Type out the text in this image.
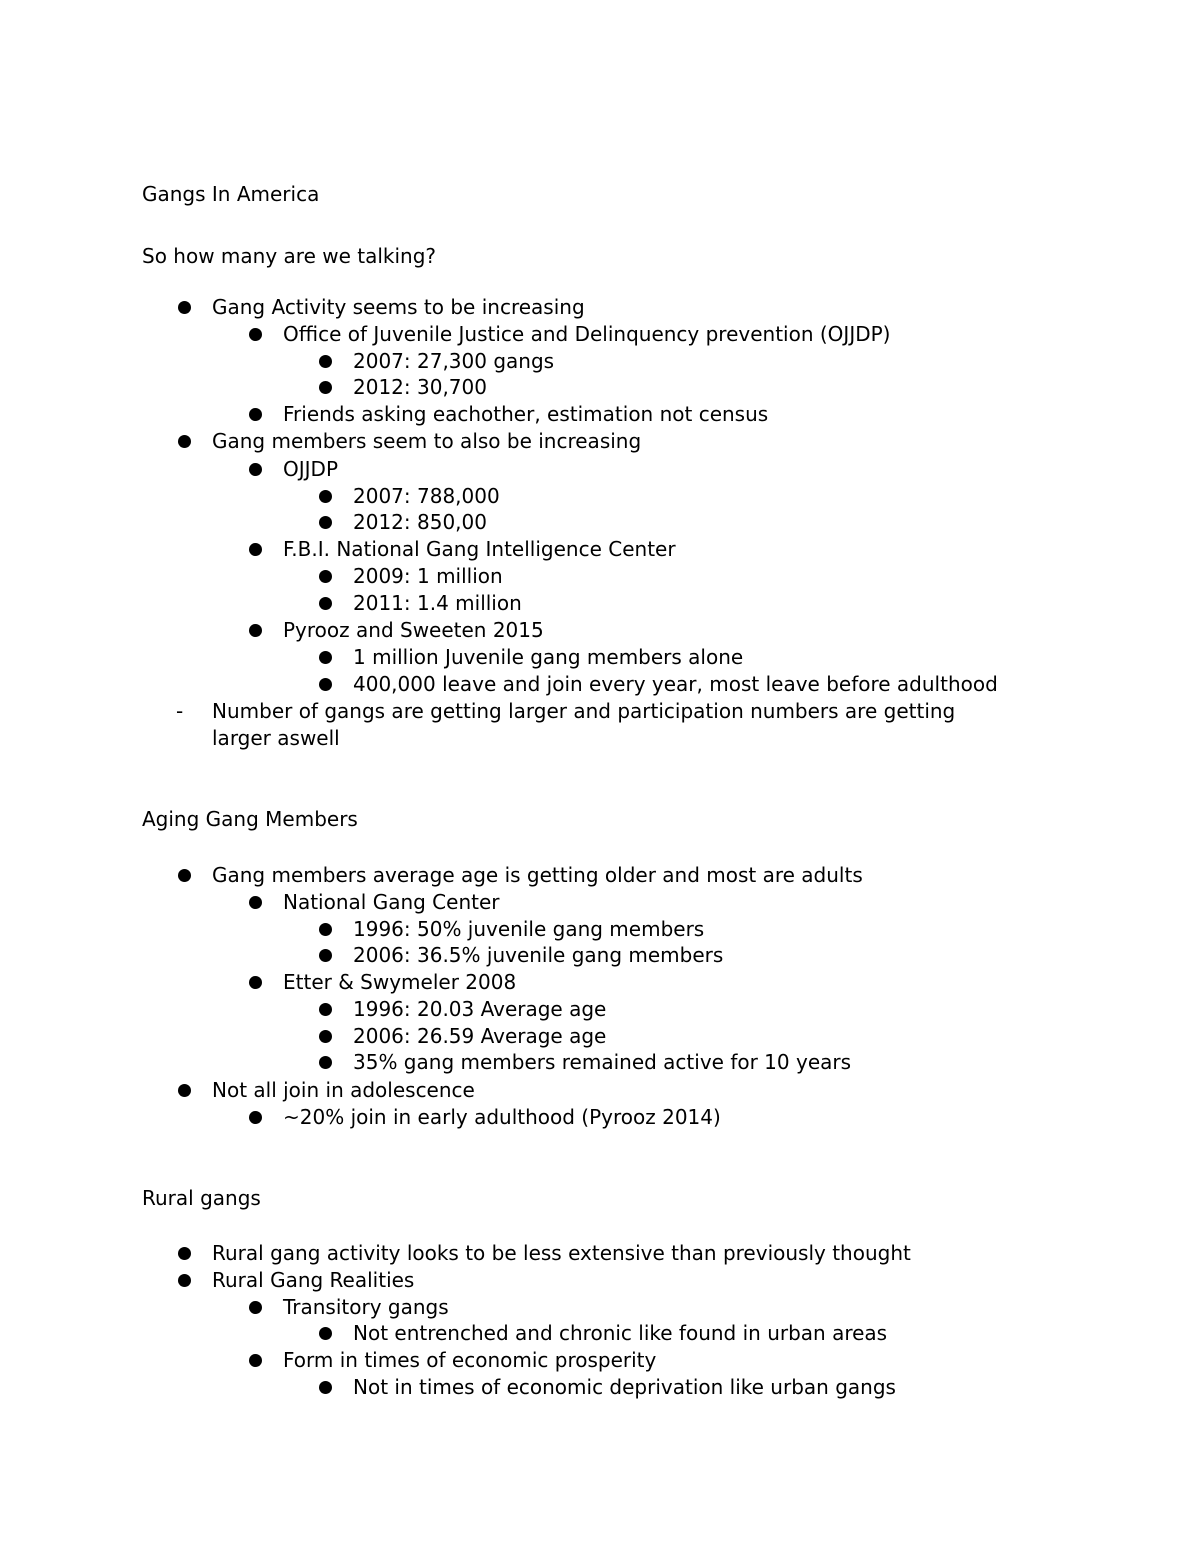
Gangs In America
So how many are we talking?
Gang Activity seems to be increasing
Office of Juvenile Justice and Delinquency prevention (OJJDP)
2007: 27,300 gangs
2012: 30,700
Friends asking eachother, estimation not census
Gang members seem to also be increasing
OJJDP
2007: 788,000
2012: 850,00
F.B.I. National Gang Intelligence Center
2009: 1 million
2011: 1.4 million
Pyrooz and Sweeten 2015
1 million Juvenile gang members alone
400,000 leave and join every year, most leave before adulthood
- Number of gangs are getting larger and participation numbers are getting
larger aswell
Aging Gang Members
Gang members average age is getting older and most are adults
National Gang Center
1996: 50% juvenile gang members
2006: 36.5% juvenile gang members
Etter & Swymeler 2008
1996: 20.03 Average age
2006: 26.59 Average age
35% gang members remained active for 10 years
Not all join in adolescence
~20% join in early adulthood (Pyrooz 2014)
Rural gangs
Rural gang activity looks to be less extensive than previously thought
Rural Gang Realities
Transitory gangs
Not entrenched and chronic like found in urban areas
Form in times of economic prosperity
Not in times of economic deprivation like urban gangs
